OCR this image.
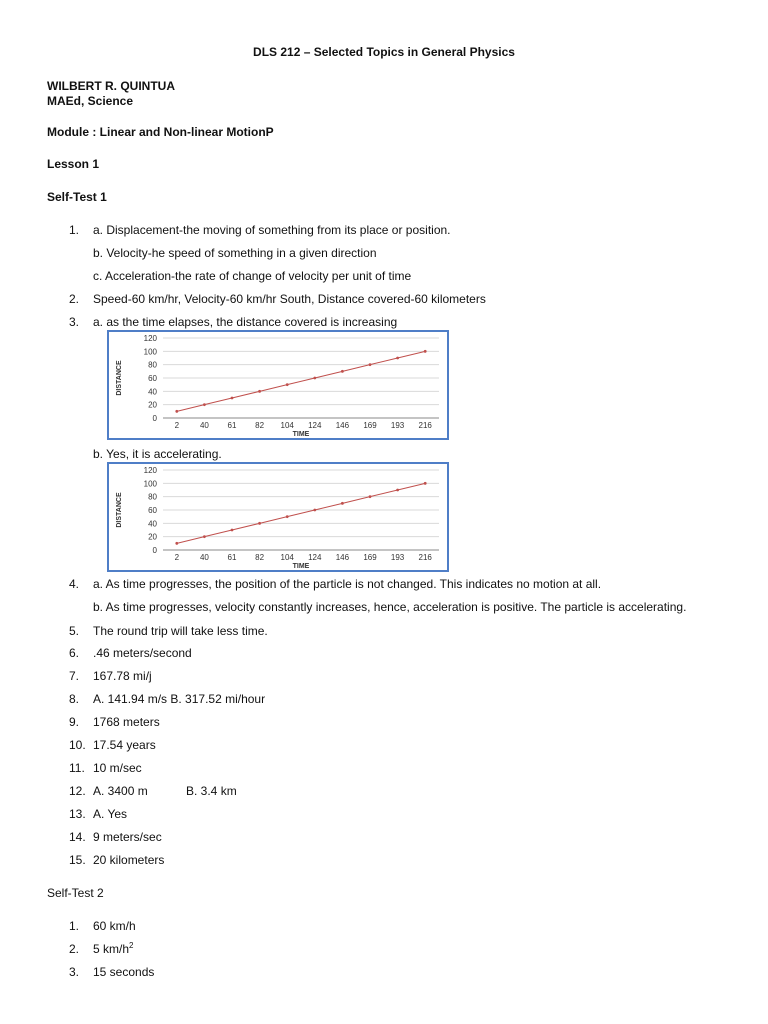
DLS 212 – Selected Topics in General Physics
WILBERT R. QUINTUA
MAEd, Science
Module : Linear and Non-linear MotionP
Lesson 1
Self-Test 1
1. a. Displacement-the moving of something from its place or position.
b. Velocity-he speed of something in a given direction
c. Acceleration-the rate of change of velocity per unit of time
2. Speed-60 km/hr, Velocity-60 km/hr South, Distance covered-60 kilometers
3. a. as the time elapses, the distance covered is increasing
0
20
40
60
80
100
120
2	40 61 82 104 124 146 169 193 216
TIME
DISTANCE
b. Yes, it is accelerating.
0
20
40
60
80
100
120
2	40 61 82 104 124 146 169 193 216
TIME
DISTANCE
4. a. As time progresses, the position of the particle is not changed. This indicates no motion at all.
b. As time progresses, velocity constantly increases, hence, acceleration is positive. The particle is accelerating.
5. The round trip will take less time.
6. .46 meters/second
7. 167.78 mi/j
8. A. 141.94 m/s B. 317.52 mi/hour
9. 1768 meters
10. 17.54 years
11. 10 m/sec
12. A. 3400 m	B. 3.4 km
13. A. Yes
14. 9 meters/sec
15. 20 kilometers
Self-Test 2
1. 60 km/h
2. 5 $km/h^2$
3. 15 seconds
